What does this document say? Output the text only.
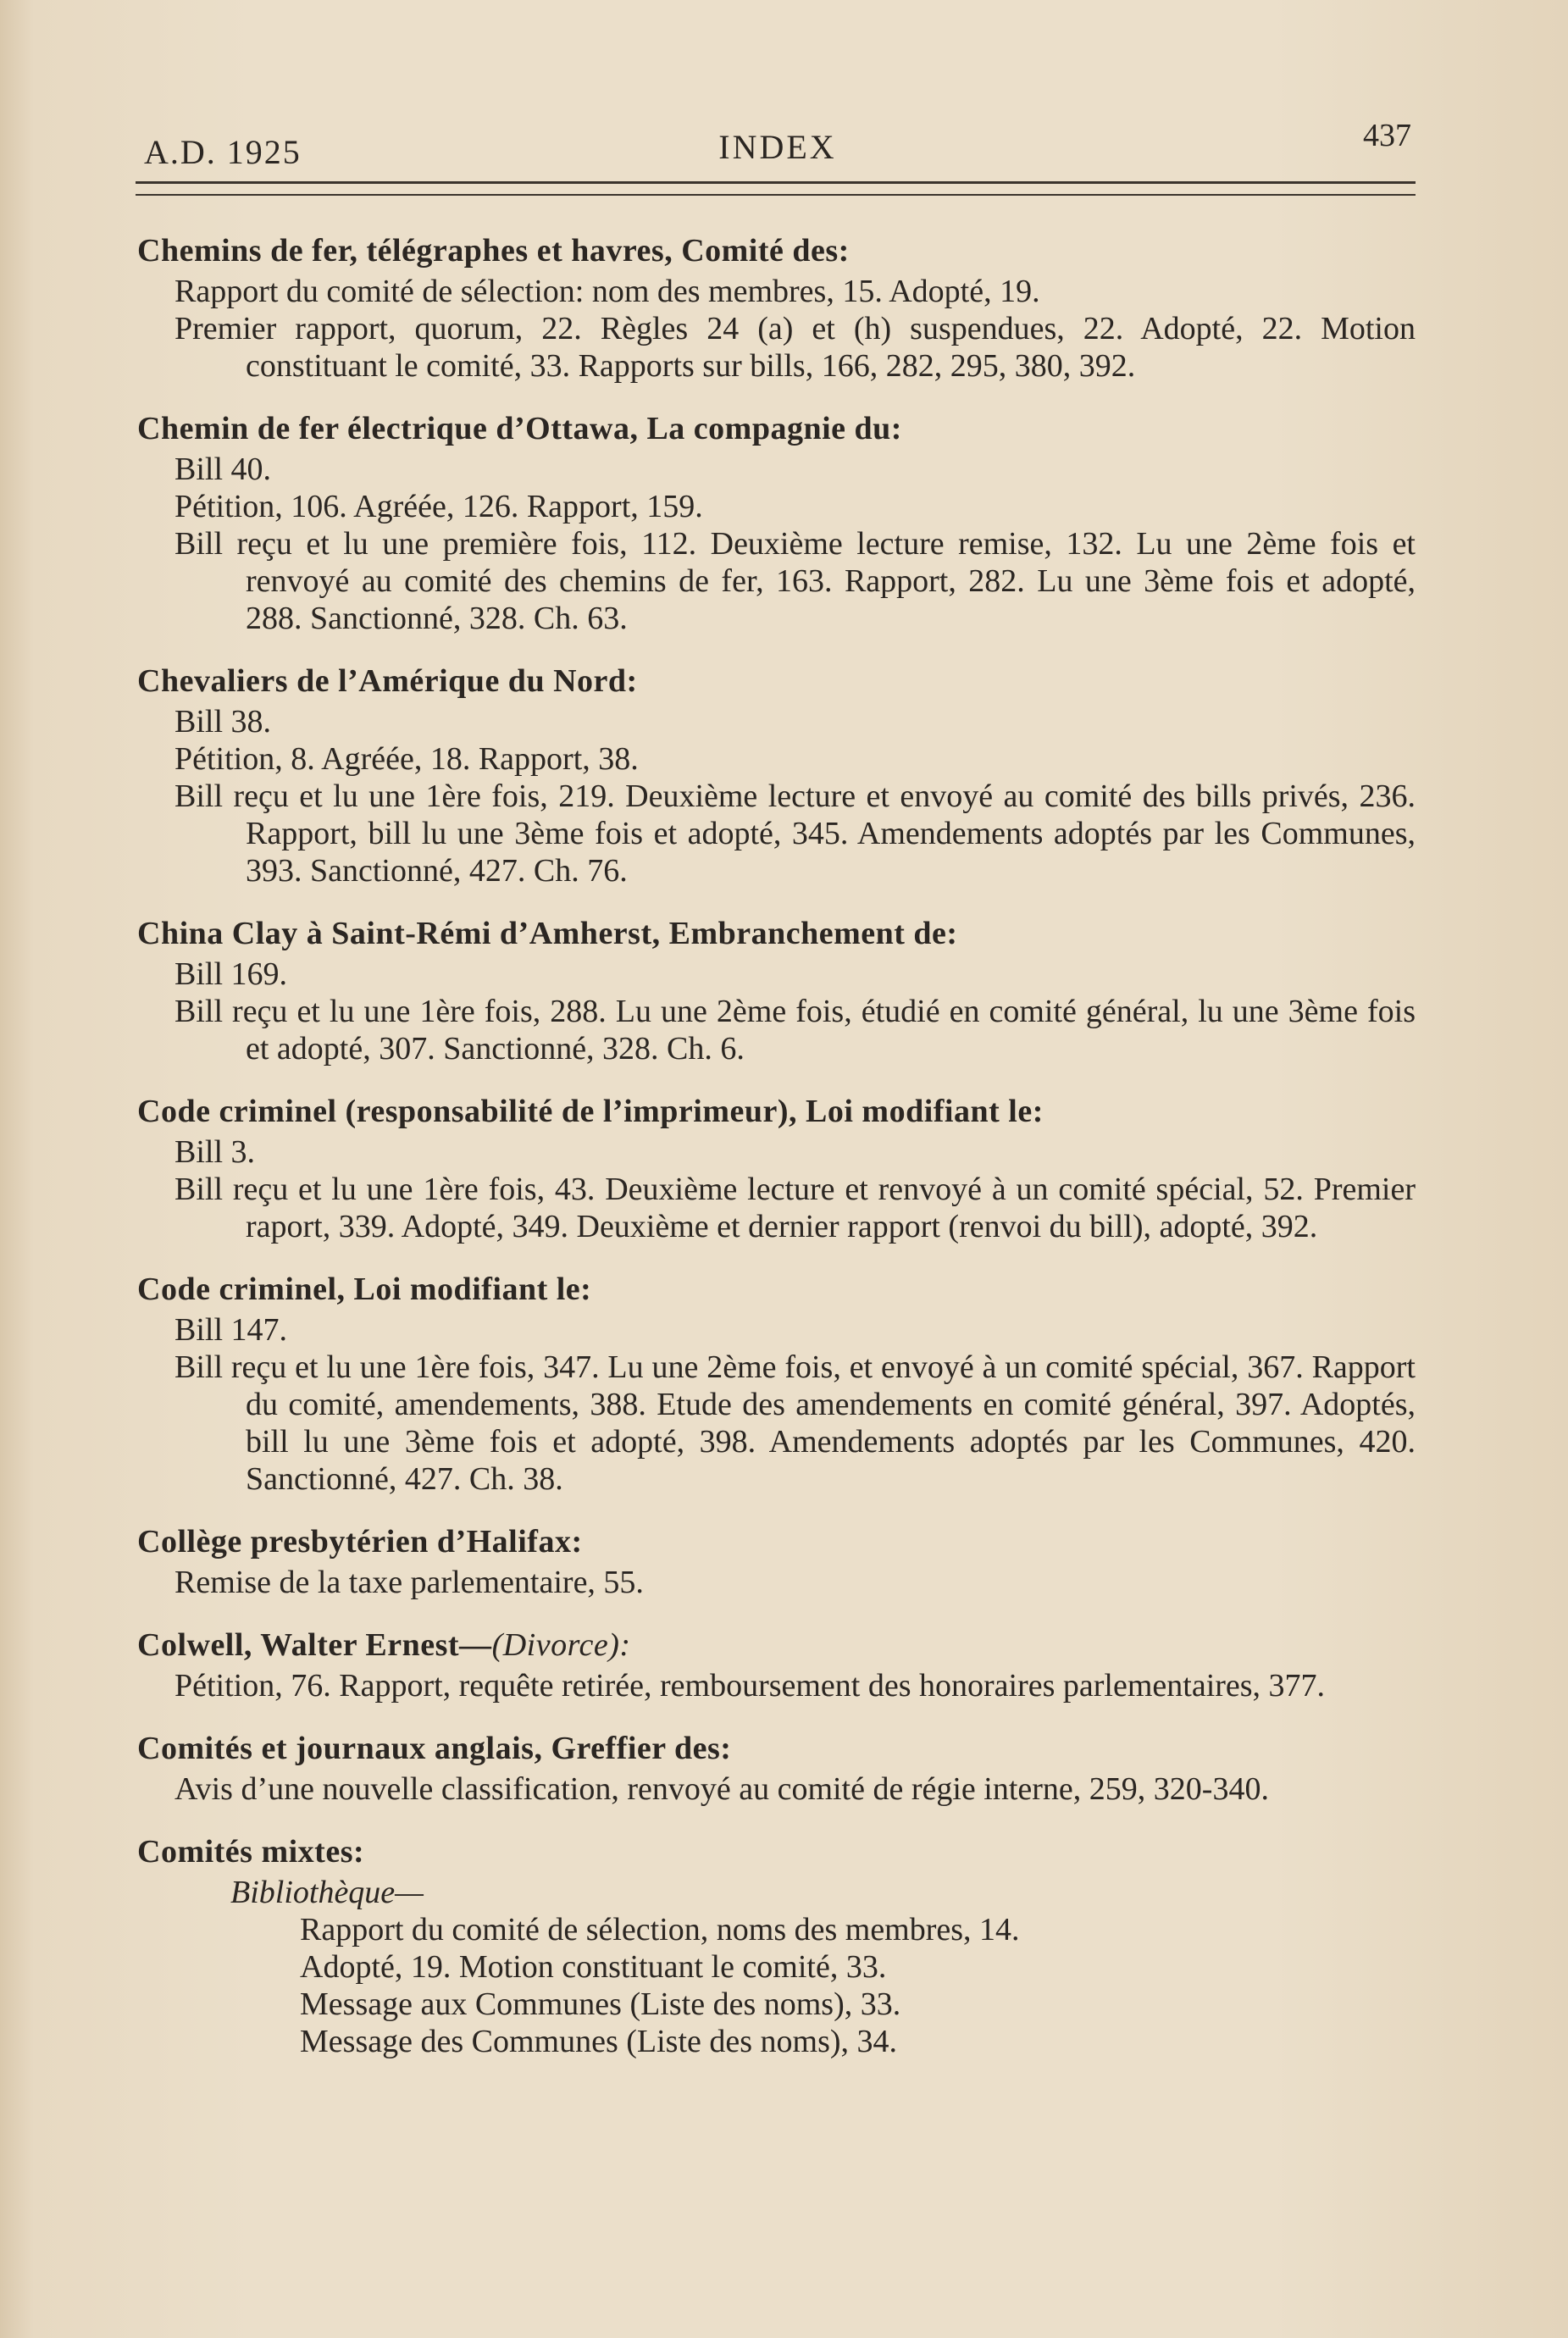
A.D. 1925	INDEX	437
Chemins de fer, télégraphes et havres, Comité des:
Rapport du comité de sélection: nom des membres, 15. Adopté, 19.
Premier rapport, quorum, 22. Règles 24 (a) et (h) suspendues, 22. Adopté, 22. Motion constituant le comité, 33. Rapports sur bills, 166, 282, 295, 380, 392.
Chemin de fer électrique d’Ottawa, La compagnie du:
Bill 40.
Pétition, 106. Agréée, 126. Rapport, 159.
Bill reçu et lu une première fois, 112. Deuxième lecture remise, 132. Lu une 2ème fois et renvoyé au comité des chemins de fer, 163. Rapport, 282. Lu une 3ème fois et adopté, 288. Sanctionné, 328. Ch. 63.
Chevaliers de l’Amérique du Nord:
Bill 38.
Pétition, 8. Agréée, 18. Rapport, 38.
Bill reçu et lu une 1ère fois, 219. Deuxième lecture et envoyé au comité des bills privés, 236. Rapport, bill lu une 3ème fois et adopté, 345. Amendements adoptés par les Communes, 393. Sanctionné, 427. Ch. 76.
China Clay à Saint-Rémi d’Amherst, Embranchement de:
Bill 169.
Bill reçu et lu une 1ère fois, 288. Lu une 2ème fois, étudié en comité général, lu une 3ème fois et adopté, 307. Sanctionné, 328. Ch. 6.
Code criminel (responsabilité de l’imprimeur), Loi modifiant le:
Bill 3.
Bill reçu et lu une 1ère fois, 43. Deuxième lecture et renvoyé à un comité spécial, 52. Premier raport, 339. Adopté, 349. Deuxième et dernier rapport (renvoi du bill), adopté, 392.
Code criminel, Loi modifiant le:
Bill 147.
Bill reçu et lu une 1ère fois, 347. Lu une 2ème fois, et envoyé à un comité spécial, 367. Rapport du comité, amendements, 388. Etude des amendements en comité général, 397. Adoptés, bill lu une 3ème fois et adopté, 398. Amendements adoptés par les Communes, 420. Sanctionné, 427. Ch. 38.
Collège presbytérien d’Halifax:
Remise de la taxe parlementaire, 55.
Colwell, Walter Ernest—(Divorce):
Pétition, 76. Rapport, requête retirée, remboursement des honoraires parlementaires, 377.
Comités et journaux anglais, Greffier des:
Avis d’une nouvelle classification, renvoyé au comité de régie interne, 259, 320-340.
Comités mixtes:
Bibliothèque—
Rapport du comité de sélection, noms des membres, 14.
Adopté, 19. Motion constituant le comité, 33.
Message aux Communes (Liste des noms), 33.
Message des Communes (Liste des noms), 34.
